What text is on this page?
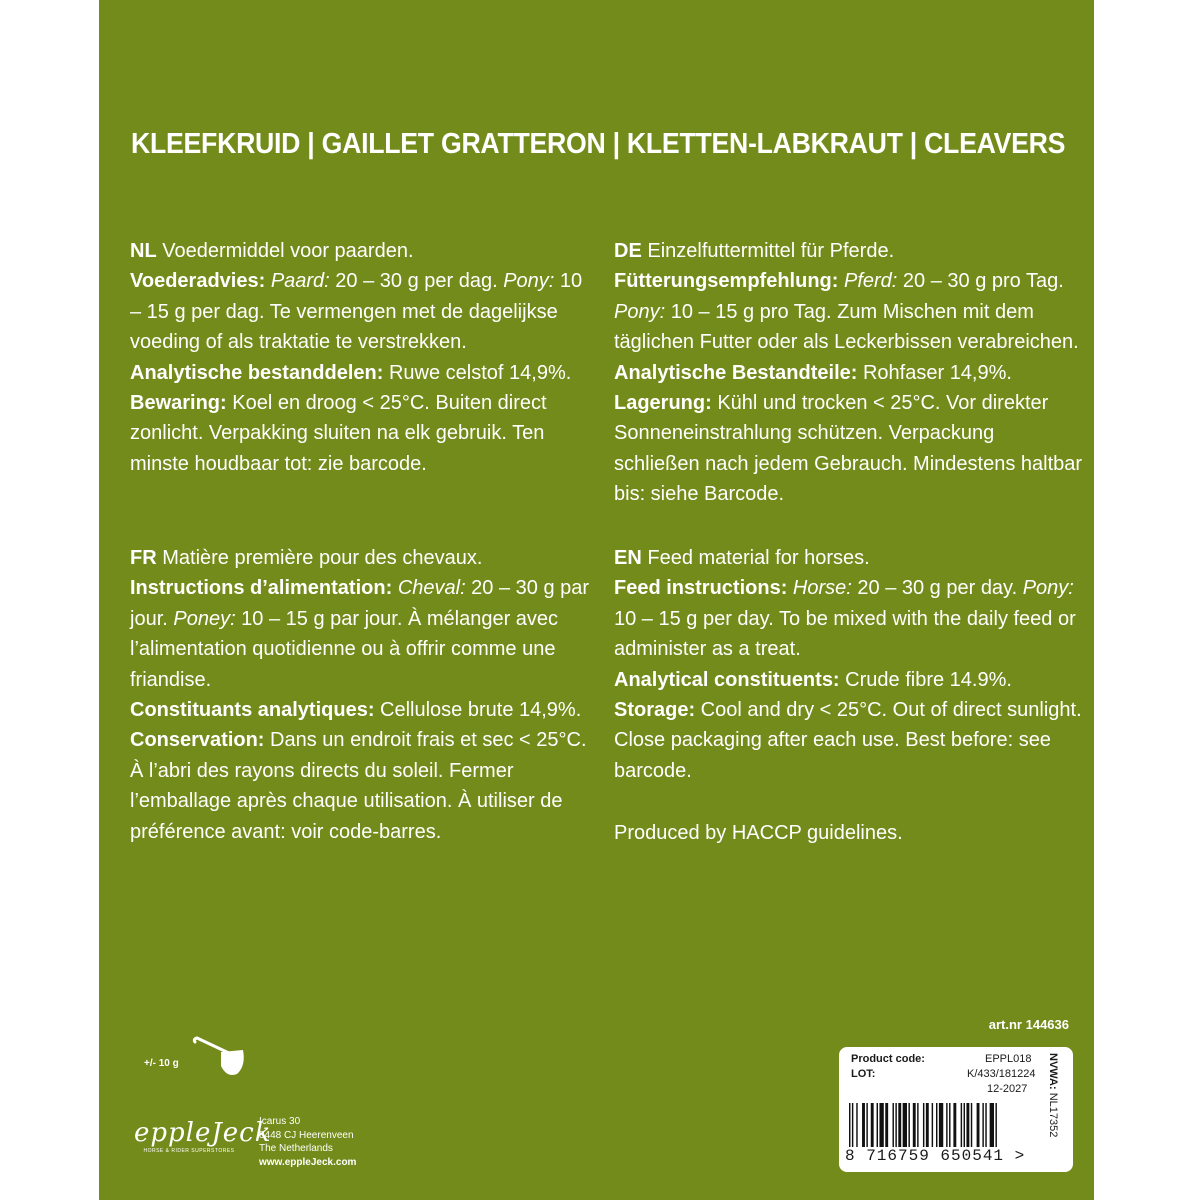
KLEEFKRUID | GAILLET GRATTERON | KLETTEN-LABKRAUT | CLEAVERS

NL Voedermiddel voor paarden.

Voederadvies: Paard: 20 – 30 g per dag. Pony: 10 – 15 g per dag. Te vermengen met de dagelijkse voeding of als traktatie te verstrekken.

Analytische bestanddelen: Ruwe celstof 14,9%.

Bewaring: Koel en droog < 25°C. Buiten direct zonlicht. Verpakking sluiten na elk gebruik. Ten minste houdbaar tot: zie barcode.

DE Einzelfuttermittel für Pferde.

Fütterungsempfehlung: Pferd: 20 – 30 g pro Tag. Pony: 10 – 15 g pro Tag. Zum Mischen mit dem täglichen Futter oder als Leckerbissen verabreichen.

Analytische Bestandteile: Rohfaser 14,9%.

Lagerung: Kühl und trocken < 25°C. Vor direkter Sonneneinstrahlung schützen. Verpackung schließen nach jedem Gebrauch. Mindestens haltbar bis: siehe Barcode.

FR Matière première pour des chevaux.

Instructions d’alimentation: Cheval: 20 – 30 g par jour. Poney: 10 – 15 g par jour. À mélanger avec l’alimentation quotidienne ou à offrir comme une friandise.

Constituants analytiques: Cellulose brute 14,9%.

Conservation: Dans un endroit frais et sec < 25°C. À l’abri des rayons directs du soleil. Fermer l’emballage après chaque utilisation. À utiliser de préférence avant: voir code-barres.

EN Feed material for horses.

Feed instructions: Horse: 20 – 30 g per day. Pony: 10 – 15 g per day. To be mixed with the daily feed or administer as a treat.

Analytical constituents: Crude fibre 14.9%.

Storage: Cool and dry < 25°C. Out of direct sunlight. Close packaging after each use. Best before: see barcode.

Produced by HACCP guidelines.
art.nr 144636
+/- 10 g
eppleJeck
HORSE & RIDER SUPERSTORES
Icarus 30
8448 CJ Heerenveen
The Netherlands
www.eppleJeck.com
Product code:	EPPL018
LOT:	K/433/181224
12-2027 NVWA: NL17352
8 716759 650541 >
